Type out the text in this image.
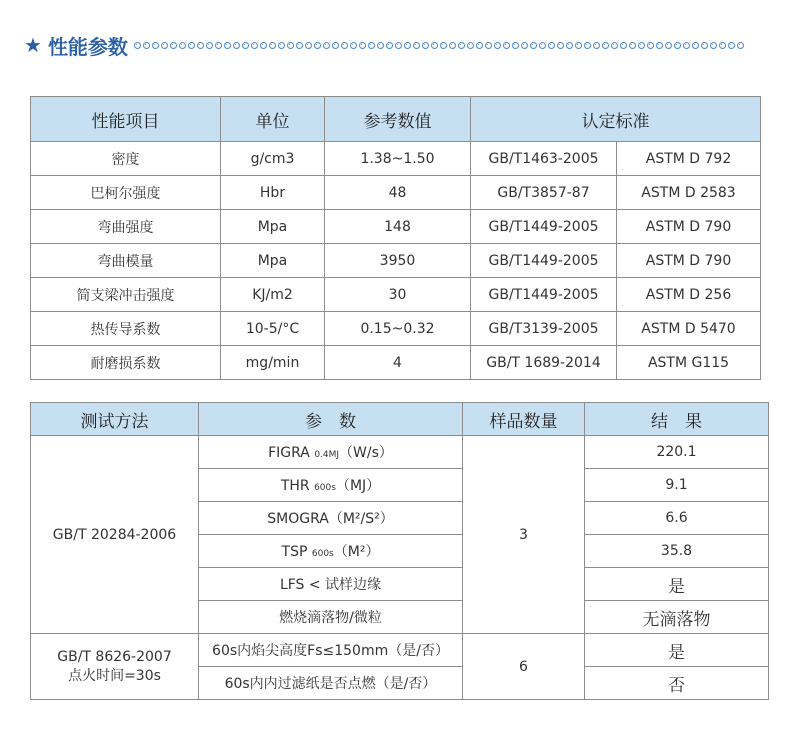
★ 性能参数
性能项目	单位	参考数值	认定标准	
密度	g/cm3	1.38~1.50	GB/T1463-2005	ASTM D 792
巴柯尔强度	Hbr	48	GB/T3857-87	ASTM D 2583
弯曲强度	Mpa	148	GB/T1449-2005	ASTM D 790
弯曲模量	Mpa	3950	GB/T1449-2005	ASTM D 790
简支梁冲击强度	KJ/m2	30	GB/T1449-2005	ASTM D 256
热传导系数	10-5/°C	0.15~0.32	GB/T3139-2005	ASTM D 5470
耐磨损系数	mg/min	4	GB/T 1689-2014	ASTM G115
测试方法	参　数	样品数量	结　果
GB/T 20284-2006	FIGRA 0.4MJ（W/s）	3	220.1
	THR 600s（MJ）		9.1
	SMOGRA（M²/S²）		6.6
	TSP 600s（M²）		35.8
	LFS < 试样边缘		是
	燃烧滴落物/微粒		无滴落物

GB/T 8626-2007
点火时间=30s	60s内焰尖高度Fs≤150mm（是/否）	6	是
	60s内内过滤纸是否点燃（是/否）		否
